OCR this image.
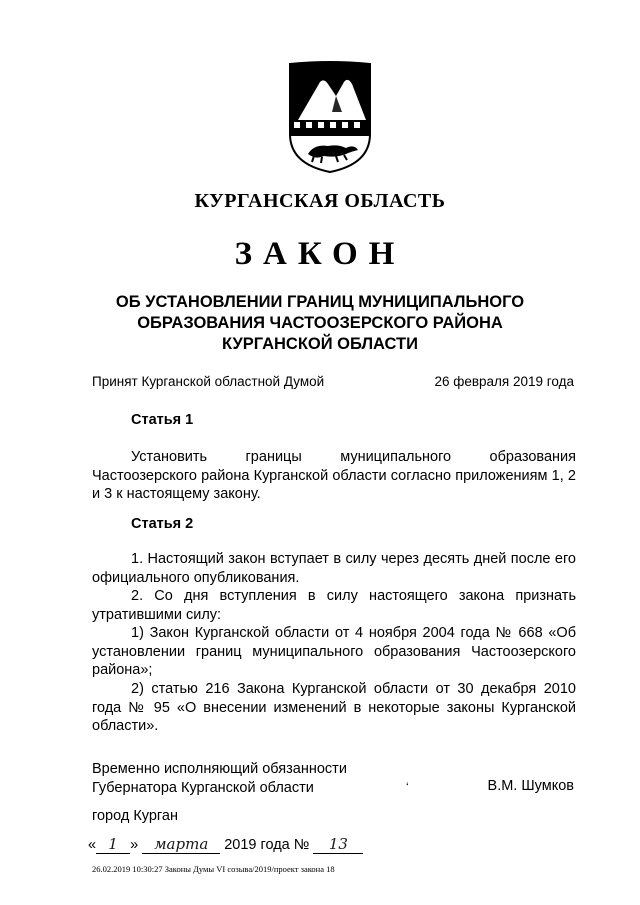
КУРГАНСКАЯ ОБЛАСТЬ
ЗАКОН
ОБ УСТАНОВЛЕНИИ ГРАНИЦ МУНИЦИПАЛЬНОГО
ОБРАЗОВАНИЯ ЧАСТООЗЕРСКОГО РАЙОНА
КУРГАНСКОЙ ОБЛАСТИ
Принят Курганской областной Думой	26 февраля 2019 года
Статья 1
Установить границы муниципального образования Частоозерского района Курганской области согласно приложениям 1, 2 и 3 к настоящему закону.
Статья 2
1. Настоящий закон вступает в силу через десять дней после его официального опубликования.
2. Со дня вступления в силу настоящего закона признать утратившими силу:
1) Закон Курганской области от 4 ноября 2004 года № 668 «Об установлении границ муниципального образования Частоозерского района»;
2) статью 216 Закона Курганской области от 30 декабря 2010 года № 95 «О внесении изменений в некоторые законы Курганской области».
Временно исполняющий обязанности
Губернатора Курганской области	‘	В.М. Шумков
город Курган
« 1 » марта 2019 года № 13
26.02.2019 10:30:27 Законы Думы VI созыва/2019/проект закона 18
